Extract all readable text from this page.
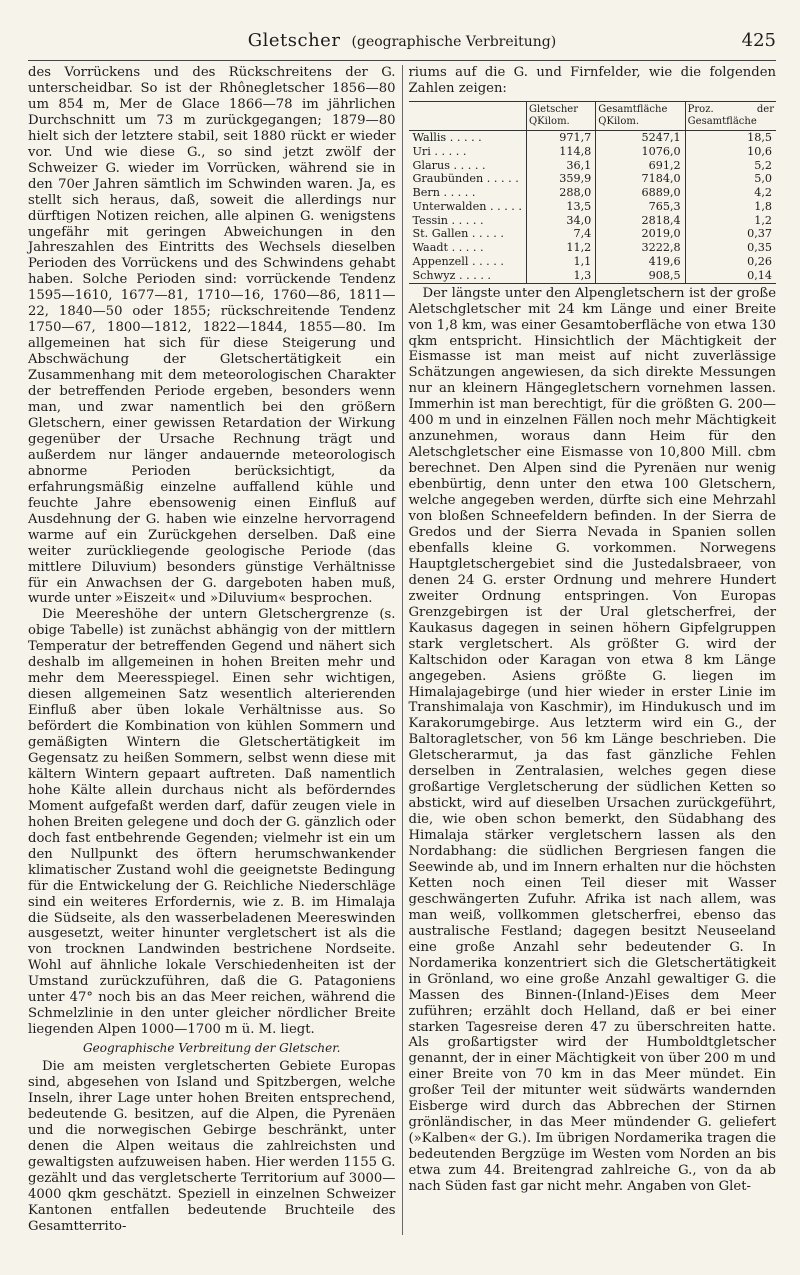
Gletscher (geographische Verbreitung)	425

des Vorrückens und des Rückschreitens der G. unterscheidbar. So ist der Rhônegletscher 1856—80 um 854 m, Mer de Glace 1866—78 im jährlichen Durchschnitt um 73 m zurückgegangen; 1879—80 hielt sich der letztere stabil, seit 1880 rückt er wieder vor. Und wie diese G., so sind jetzt zwölf der Schweizer G. wieder im Vorrücken, während sie in den 70er Jahren sämtlich im Schwinden waren. Ja, es stellt sich heraus, daß, soweit die allerdings nur dürftigen Notizen reichen, alle alpinen G. wenigstens ungefähr mit geringen Abweichungen in den Jahreszahlen des Eintritts des Wechsels dieselben Perioden des Vorrückens und des Schwindens gehabt haben. Solche Perioden sind: vorrückende Tendenz 1595—1610, 1677—81, 1710—16, 1760—86, 1811—22, 1840—50 oder 1855; rückschreitende Tendenz 1750—67, 1800—1812, 1822—1844, 1855—80. Im allgemeinen hat sich für diese Steigerung und Abschwächung der Gletschertätigkeit ein Zusammenhang mit dem meteorologischen Charakter der betreffenden Periode ergeben, besonders wenn man, und zwar namentlich bei den größern Gletschern, einer gewissen Retardation der Wirkung gegenüber der Ursache Rechnung trägt und außerdem nur länger andauernde meteorologisch abnorme Perioden berücksichtigt, da erfahrungsmäßig einzelne auffallend kühle und feuchte Jahre ebensowenig einen Einfluß auf Ausdehnung der G. haben wie einzelne hervorragend warme auf ein Zurückgehen derselben. Daß eine weiter zurückliegende geologische Periode (das mittlere Diluvium) besonders günstige Verhältnisse für ein Anwachsen der G. dargeboten haben muß, wurde unter »Eiszeit« und »Diluvium« besprochen.

Die Meereshöhe der untern Gletschergrenze (s. obige Tabelle) ist zunächst abhängig von der mittlern Temperatur der betreffenden Gegend und nähert sich deshalb im allgemeinen in hohen Breiten mehr und mehr dem Meeresspiegel. Einen sehr wichtigen, diesen allgemeinen Satz wesentlich alterierenden Einfluß aber üben lokale Verhältnisse aus. So befördert die Kombination von kühlen Sommern und gemäßigten Wintern die Gletschertätigkeit im Gegensatz zu heißen Sommern, selbst wenn diese mit kältern Wintern gepaart auftreten. Daß namentlich hohe Kälte allein durchaus nicht als beförderndes Moment aufgefaßt werden darf, dafür zeugen viele in hohen Breiten gelegene und doch der G. gänzlich oder doch fast entbehrende Gegenden; vielmehr ist ein um den Nullpunkt des öftern herumschwankender klimatischer Zustand wohl die geeignetste Bedingung für die Entwickelung der G. Reichliche Niederschläge sind ein weiteres Erfordernis, wie z. B. im Himalaja die Südseite, als den wasserbeladenen Meereswinden ausgesetzt, weiter hinunter vergletschert ist als die von trocknen Landwinden bestrichene Nordseite. Wohl auf ähnliche lokale Verschiedenheiten ist der Umstand zurückzuführen, daß die G. Patagoniens unter 47° noch bis an das Meer reichen, während die Schmelzlinie in den unter gleicher nördlicher Breite liegenden Alpen 1000—1700 m ü. M. liegt.

Geographische Verbreitung der Gletscher.

Die am meisten vergletscherten Gebiete Europas sind, abgesehen von Island und Spitzbergen, welche Inseln, ihrer Lage unter hohen Breiten entsprechend, bedeutende G. besitzen, auf die Alpen, die Pyrenäen und die norwegischen Gebirge beschränkt, unter denen die Alpen weitaus die zahlreichsten und gewaltigsten aufzuweisen haben. Hier werden 1155 G. gezählt und das vergletscherte Territorium auf 3000—4000 qkm geschätzt. Speziell in einzelnen Schweizer Kantonen entfallen bedeutende Bruchteile des Gesamtterrito-

riums auf die G. und Firnfelder, wie die folgenden Zahlen zeigen:

	Gletscher QKilom.	Gesamtfläche QKilom.	Proz. der Gesamtfläche
Wallis . . . . .	971,7	5247,1	18,5
Uri . . . . .	114,8	1076,0	10,6
Glarus . . . . .	36,1	691,2	5,2
Graubünden . . . . .	359,9	7184,0	5,0
Bern . . . . .	288,0	6889,0	4,2
Unterwalden . . . . .	13,5	765,3	1,8
Tessin . . . . .	34,0	2818,4	1,2
St. Gallen . . . . .	7,4	2019,0	0,37
Waadt . . . . .	11,2	3222,8	0,35
Appenzell . . . . .	1,1	419,6	0,26
Schwyz . . . . .	1,3	908,5	0,14

Der längste unter den Alpengletschern ist der große Aletschgletscher mit 24 km Länge und einer Breite von 1,8 km, was einer Gesamtoberfläche von etwa 130 qkm entspricht. Hinsichtlich der Mächtigkeit der Eismasse ist man meist auf nicht zuverlässige Schätzungen angewiesen, da sich direkte Messungen nur an kleinern Hängegletschern vornehmen lassen. Immerhin ist man berechtigt, für die größten G. 200—400 m und in einzelnen Fällen noch mehr Mächtigkeit anzunehmen, woraus dann Heim für den Aletschgletscher eine Eismasse von 10,800 Mill. cbm berechnet. Den Alpen sind die Pyrenäen nur wenig ebenbürtig, denn unter den etwa 100 Gletschern, welche angegeben werden, dürfte sich eine Mehrzahl von bloßen Schneefeldern befinden. In der Sierra de Gredos und der Sierra Nevada in Spanien sollen ebenfalls kleine G. vorkommen. Norwegens Hauptgletschergebiet sind die Justedalsbraeer, von denen 24 G. erster Ordnung und mehrere Hundert zweiter Ordnung entspringen. Von Europas Grenzgebirgen ist der Ural gletscherfrei, der Kaukasus dagegen in seinen höhern Gipfelgruppen stark vergletschert. Als größter G. wird der Kaltschidon oder Karagan von etwa 8 km Länge angegeben. Asiens größte G. liegen im Himalajagebirge (und hier wieder in erster Linie im Transhimalaja von Kaschmir), im Hindukusch und im Karakorumgebirge. Aus letzterm wird ein G., der Baltoragletscher, von 56 km Länge beschrieben. Die Gletscherarmut, ja das fast gänzliche Fehlen derselben in Zentralasien, welches gegen diese großartige Vergletscherung der südlichen Ketten so abstickt, wird auf dieselben Ursachen zurückgeführt, die, wie oben schon bemerkt, den Südabhang des Himalaja stärker vergletschern lassen als den Nordabhang: die südlichen Bergriesen fangen die Seewinde ab, und im Innern erhalten nur die höchsten Ketten noch einen Teil dieser mit Wasser geschwängerten Zufuhr. Afrika ist nach allem, was man weiß, vollkommen gletscherfrei, ebenso das australische Festland; dagegen besitzt Neuseeland eine große Anzahl sehr bedeutender G. In Nordamerika konzentriert sich die Gletschertätigkeit in Grönland, wo eine große Anzahl gewaltiger G. die Massen des Binnen-(Inland-)Eises dem Meer zuführen; erzählt doch Helland, daß er bei einer starken Tagesreise deren 47 zu überschreiten hatte. Als großartigster wird der Humboldtgletscher genannt, der in einer Mächtigkeit von über 200 m und einer Breite von 70 km in das Meer mündet. Ein großer Teil der mitunter weit südwärts wandernden Eisberge wird durch das Abbrechen der Stirnen grönländischer, in das Meer mündender G. geliefert (»Kalben« der G.). Im übrigen Nordamerika tragen die bedeutenden Bergzüge im Westen vom Norden an bis etwa zum 44. Breitengrad zahlreiche G., von da ab nach Süden fast gar nicht mehr. Angaben von Glet-
